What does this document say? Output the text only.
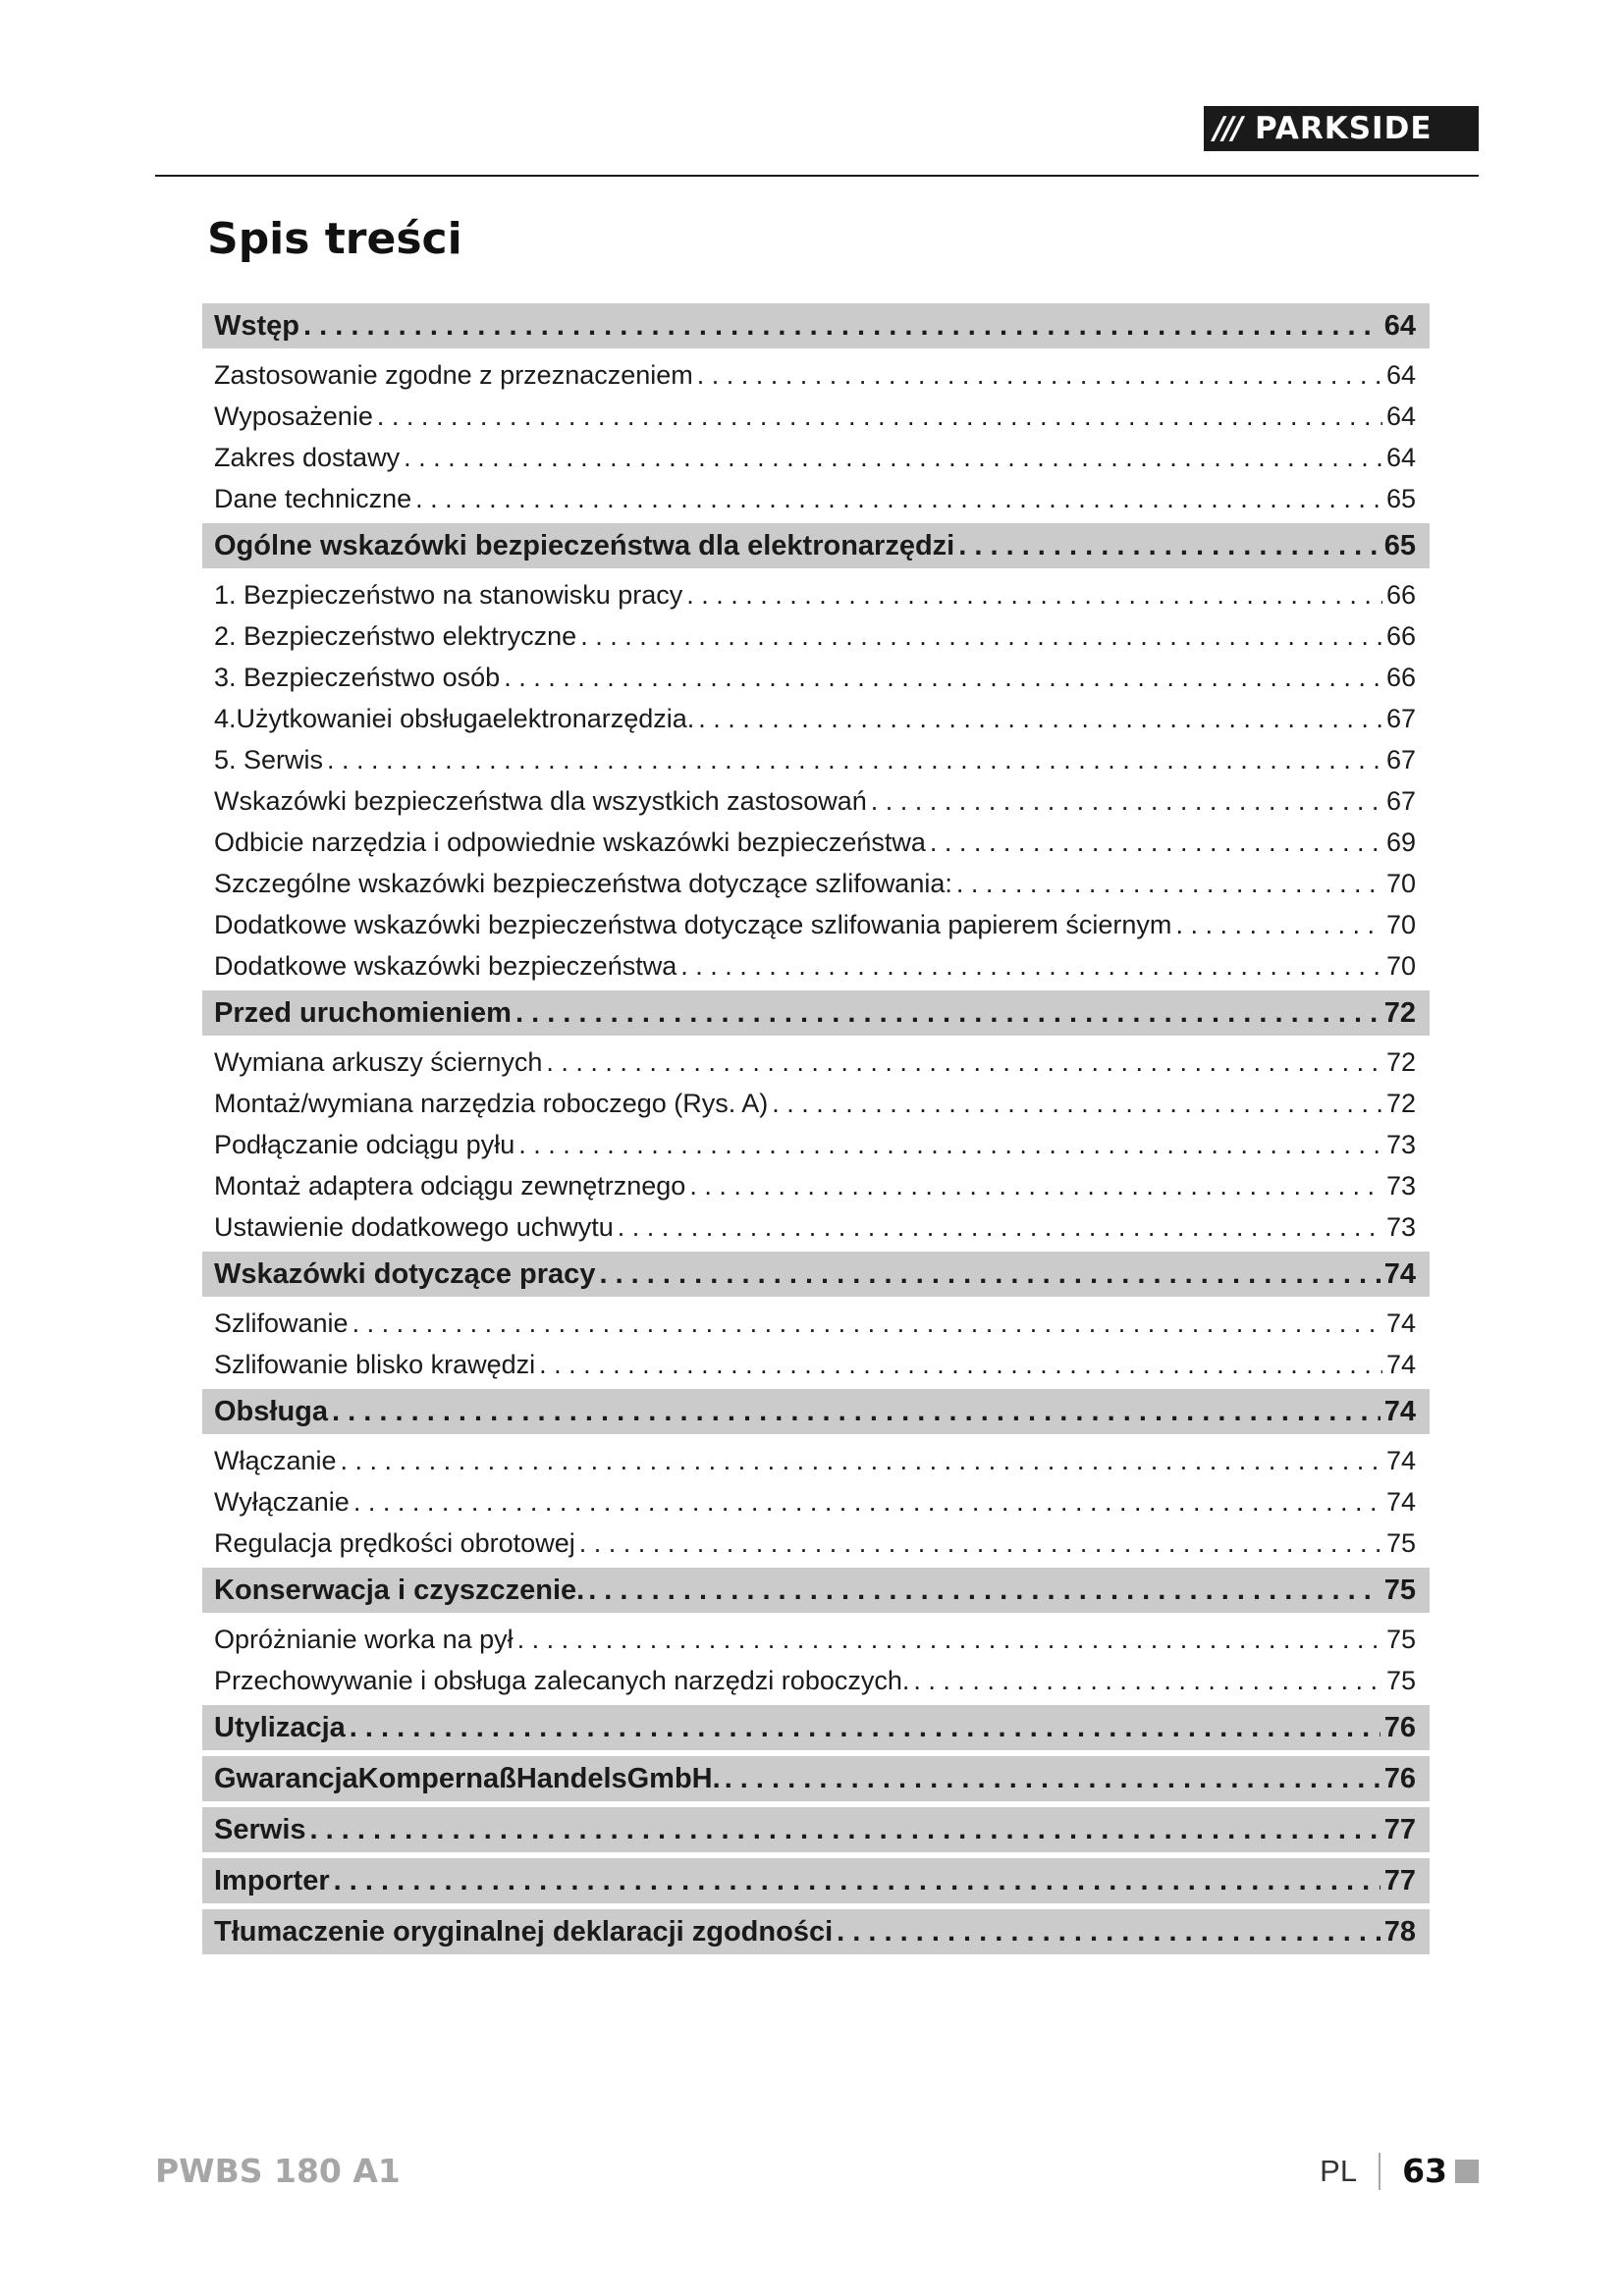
/// PARKSIDE
Spis treści
Wstęp . . .	64
Zastosowanie zgodne z przeznaczeniem . . .	64
Wyposażenie . . .	64
Zakres dostawy . . .	64
Dane techniczne . . .	65
Ogólne wskazówki bezpieczeństwa dla elektronarzędzi . . .	65
1. Bezpieczeństwo na stanowisku pracy . . .	66
2. Bezpieczeństwo elektryczne . . .	66
3. Bezpieczeństwo osób . . .	66
4.Użytkowaniei obsługaelektronarzędzia. . . .	67
5. Serwis . . .	67
Wskazówki bezpieczeństwa dla wszystkich zastosowań . . .	67
Odbicie narzędzia i odpowiednie wskazówki bezpieczeństwa . . .	69
Szczególne wskazówki bezpieczeństwa dotyczące szlifowania: . . .	70
Dodatkowe wskazówki bezpieczeństwa dotyczące szlifowania papierem ściernym . . .	70
Dodatkowe wskazówki bezpieczeństwa . . .	70
Przed uruchomieniem . . .	72
Wymiana arkuszy ściernych . . .	72
Montaż/wymiana narzędzia roboczego (Rys. A) . . .	72
Podłączanie odciągu pyłu . . .	73
Montaż adaptera odciągu zewnętrznego . . .	73
Ustawienie dodatkowego uchwytu . . .	73
Wskazówki dotyczące pracy . . .	74
Szlifowanie . . .	74
Szlifowanie blisko krawędzi . . .	74
Obsługa . . .	74
Włączanie . . .	74
Wyłączanie . . .	74
Regulacja prędkości obrotowej . . .	75
Konserwacja i czyszczenie. . . .	75
Opróżnianie worka na pył . . .	75
Przechowywanie i obsługa zalecanych narzędzi roboczych. . . .	75
Utylizacja . . .	76
GwarancjaKompernaßHandelsGmbH. . . .	76
Serwis . . .	77
Importer . . .	77
Tłumaczenie oryginalnej deklaracji zgodności . . .	78
PWBS 180 A1	PL 63
